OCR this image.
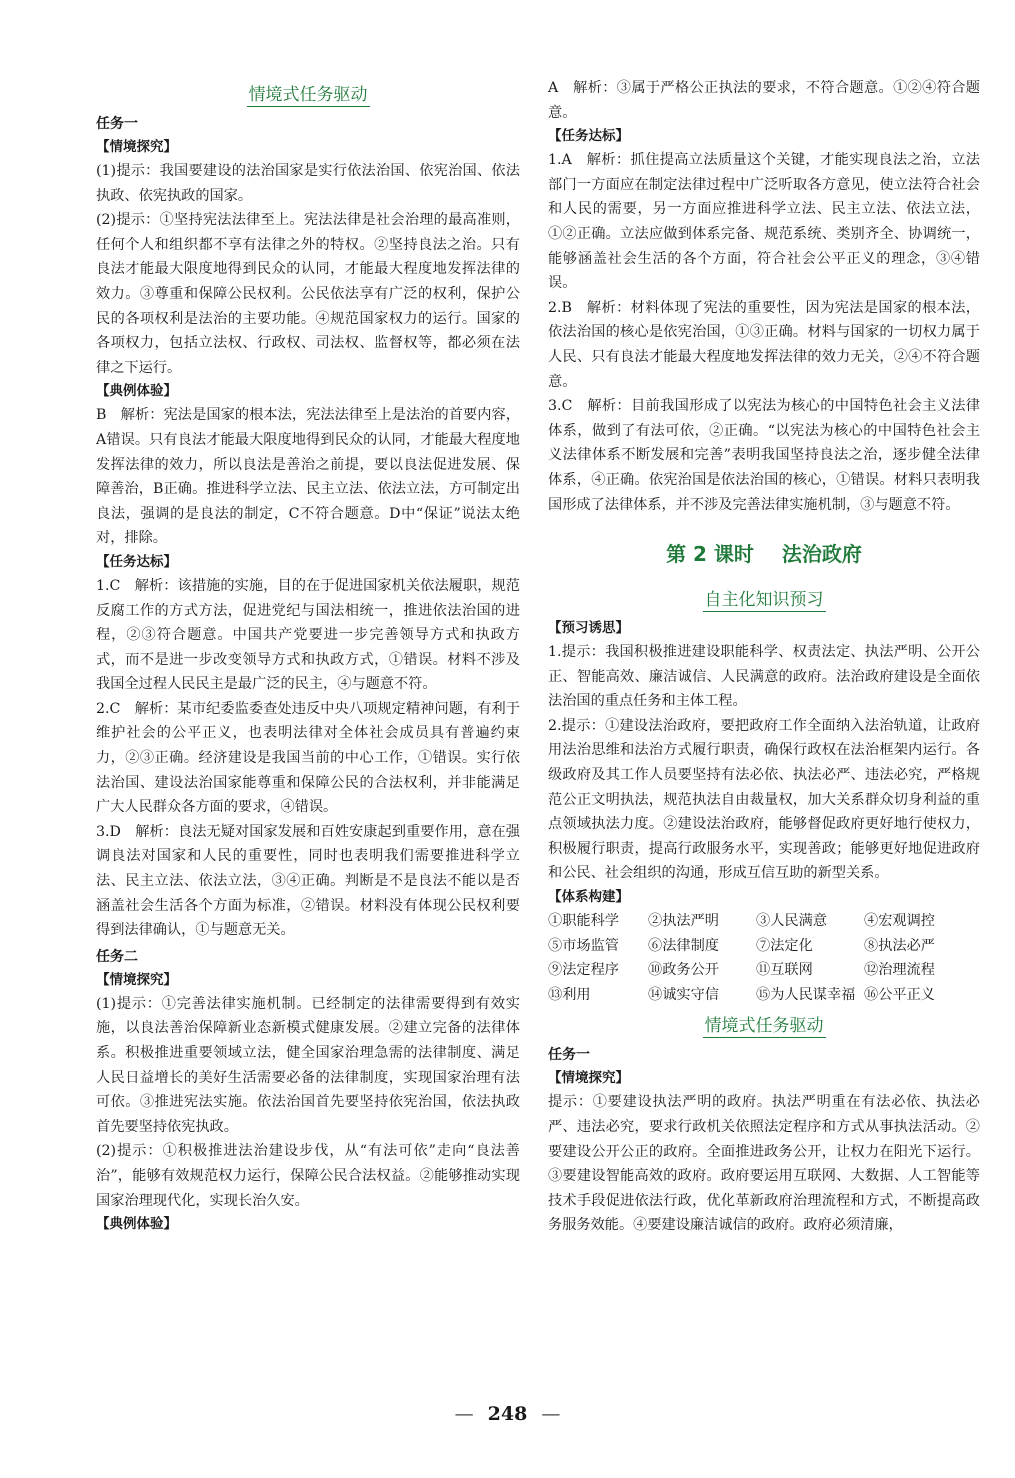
情境式任务驱动
任务一
【情境探究】

(1)提示：我国要建设的法治国家是实行依法治国、依宪治国、依法执政、依宪执政的国家。

(2)提示：①坚持宪法法律至上。宪法法律是社会治理的最高准则，任何个人和组织都不享有法律之外的特权。②坚持良法之治。只有良法才能最大限度地得到民众的认同，才能最大程度地发挥法律的效力。③尊重和保障公民权利。公民依法享有广泛的权利，保护公民的各项权利是法治的主要功能。④规范国家权力的运行。国家的各项权力，包括立法权、行政权、司法权、监督权等，都必须在法律之下运行。

【典例体验】

B　解析：宪法是国家的根本法，宪法法律至上是法治的首要内容，A错误。只有良法才能最大限度地得到民众的认同，才能最大程度地发挥法律的效力，所以良法是善治之前提，要以良法促进发展、保障善治，B正确。推进科学立法、民主立法、依法立法，方可制定出良法，强调的是良法的制定，C不符合题意。D中“保证”说法太绝对，排除。

【任务达标】

1.C　解析：该措施的实施，目的在于促进国家机关依法履职，规范反腐工作的方式方法，促进党纪与国法相统一，推进依法治国的进程，②③符合题意。中国共产党要进一步完善领导方式和执政方式，而不是进一步改变领导方式和执政方式，①错误。材料不涉及我国全过程人民民主是最广泛的民主，④与题意不符。

2.C　解析：某市纪委监委查处违反中央八项规定精神问题，有利于维护社会的公平正义，也表明法律对全体社会成员具有普遍约束力，②③正确。经济建设是我国当前的中心工作，①错误。实行依法治国、建设法治国家能尊重和保障公民的合法权利，并非能满足广大人民群众各方面的要求，④错误。

3.D　解析：良法无疑对国家发展和百姓安康起到重要作用，意在强调良法对国家和人民的重要性，同时也表明我们需要推进科学立法、民主立法、依法立法，③④正确。判断是不是良法不能以是否涵盖社会生活各个方面为标准，②错误。材料没有体现公民权利要得到法律确认，①与题意无关。

任务二
【情境探究】

(1)提示：①完善法律实施机制。已经制定的法律需要得到有效实施，以良法善治保障新业态新模式健康发展。②建立完备的法律体系。积极推进重要领域立法，健全国家治理急需的法律制度、满足人民日益增长的美好生活需要必备的法律制度，实现国家治理有法可依。③推进宪法实施。依法治国首先要坚持依宪治国，依法执政首先要坚持依宪执政。

(2)提示：①积极推进法治建设步伐，从“有法可依”走向“良法善治”，能够有效规范权力运行，保障公民合法权益。②能够推动实现国家治理现代化，实现长治久安。

【典例体验】

A　解析：③属于严格公正执法的要求，不符合题意。①②④符合题意。

【任务达标】

1.A　解析：抓住提高立法质量这个关键，才能实现良法之治，立法部门一方面应在制定法律过程中广泛听取各方意见，使立法符合社会和人民的需要，另一方面应推进科学立法、民主立法、依法立法，①②正确。立法应做到体系完备、规范系统、类别齐全、协调统一，能够涵盖社会生活的各个方面，符合社会公平正义的理念，③④错误。

2.B　解析：材料体现了宪法的重要性，因为宪法是国家的根本法，依法治国的核心是依宪治国，①③正确。材料与国家的一切权力属于人民、只有良法才能最大程度地发挥法律的效力无关，②④不符合题意。

3.C　解析：目前我国形成了以宪法为核心的中国特色社会主义法律体系，做到了有法可依，②正确。“以宪法为核心的中国特色社会主义法律体系不断发展和完善”表明我国坚持良法之治，逐步健全法律体系，④正确。依宪治国是依法治国的核心，①错误。材料只表明我国形成了法律体系，并不涉及完善法律实施机制，③与题意不符。

第 2 课时 法治政府
自主化知识预习
【预习诱思】

1.提示：我国积极推进建设职能科学、权责法定、执法严明、公开公正、智能高效、廉洁诚信、人民满意的政府。法治政府建设是全面依法治国的重点任务和主体工程。

2.提示：①建设法治政府，要把政府工作全面纳入法治轨道，让政府用法治思维和法治方式履行职责，确保行政权在法治框架内运行。各级政府及其工作人员要坚持有法必依、执法必严、违法必究，严格规范公正文明执法，规范执法自由裁量权，加大关系群众切身利益的重点领域执法力度。②建设法治政府，能够督促政府更好地行使权力，积极履行职责，提高行政服务水平，实现善政；能够更好地促进政府和公民、社会组织的沟通，形成互信互助的新型关系。

【体系构建】
①职能科学	②执法严明	③人民满意	④宏观调控
⑤市场监管	⑥法律制度	⑦法定化	⑧执法必严
⑨法定程序	⑩政务公开	⑪互联网	⑫治理流程
⑬利用	⑭诚实守信	⑮为人民谋幸福 ⑯公平正义
情境式任务驱动
任务一
【情境探究】

提示：①要建设执法严明的政府。执法严明重在有法必依、执法必严、违法必究，要求行政机关依照法定程序和方式从事执法活动。②要建设公开公正的政府。全面推进政务公开，让权力在阳光下运行。③要建设智能高效的政府。政府要运用互联网、大数据、人工智能等技术手段促进依法行政，优化革新政府治理流程和方式，不断提高政务服务效能。④要建设廉洁诚信的政府。政府必须清廉，

— 248 —
